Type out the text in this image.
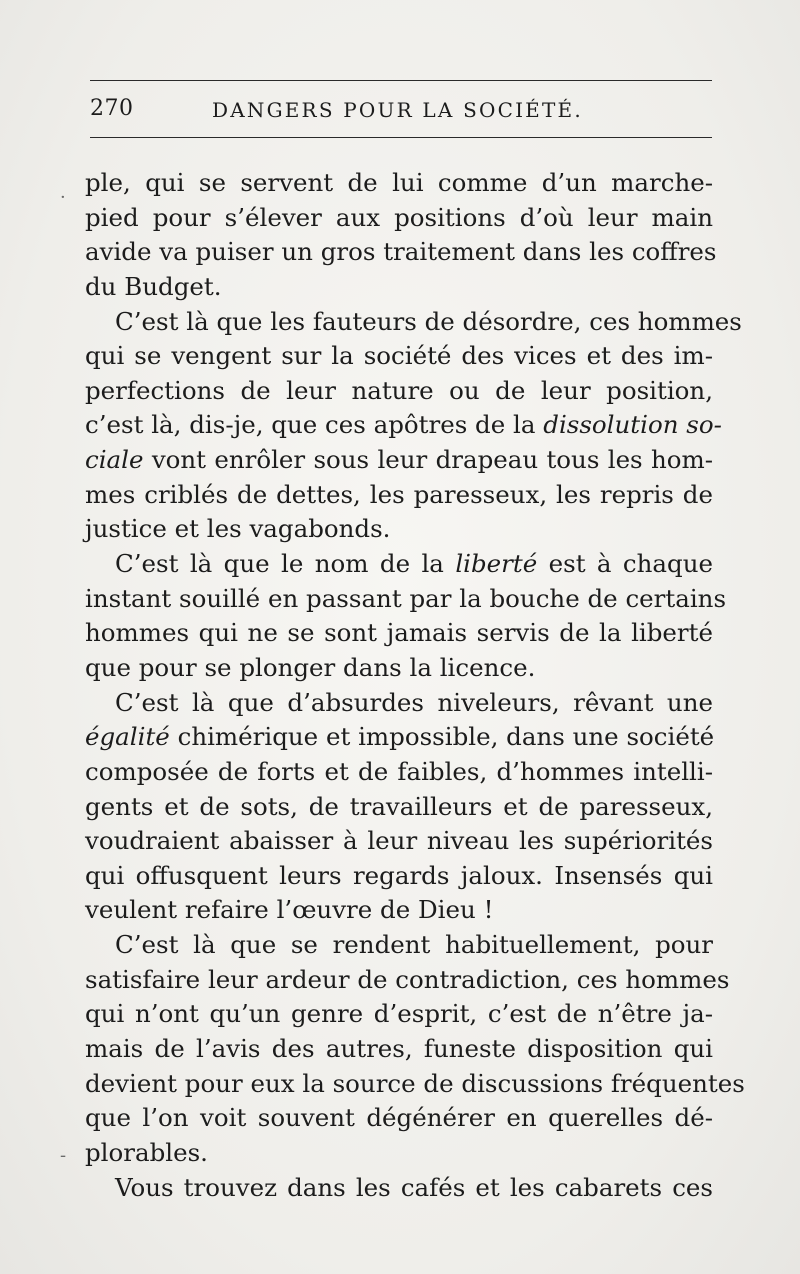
270	DANGERS POUR LA SOCIÉTÉ.
·
-
ple, qui se servent de lui comme d’un marche-
pied pour s’élever aux positions d’où leur main
avide va puiser un gros traitement dans les coffres
du Budget.
C’est là que les fauteurs de désordre, ces hommes
qui se vengent sur la société des vices et des im-
perfections de leur nature ou de leur position,
c’est là, dis-je, que ces apôtres de la dissolution so-
ciale vont enrôler sous leur drapeau tous les hom-
mes criblés de dettes, les paresseux, les repris de
justice et les vagabonds.
C’est là que le nom de la liberté est à chaque
instant souillé en passant par la bouche de certains
hommes qui ne se sont jamais servis de la liberté
que pour se plonger dans la licence.
C’est là que d’absurdes niveleurs, rêvant une
égalité chimérique et impossible, dans une société
composée de forts et de faibles, d’hommes intelli-
gents et de sots, de travailleurs et de paresseux,
voudraient abaisser à leur niveau les supériorités
qui offusquent leurs regards jaloux. Insensés qui
veulent refaire l’œuvre de Dieu !
C’est là que se rendent habituellement, pour
satisfaire leur ardeur de contradiction, ces hommes
qui n’ont qu’un genre d’esprit, c’est de n’être ja-
mais de l’avis des autres, funeste disposition qui
devient pour eux la source de discussions fréquentes
que l’on voit souvent dégénérer en querelles dé-
plorables.
Vous trouvez dans les cafés et les cabarets ces
